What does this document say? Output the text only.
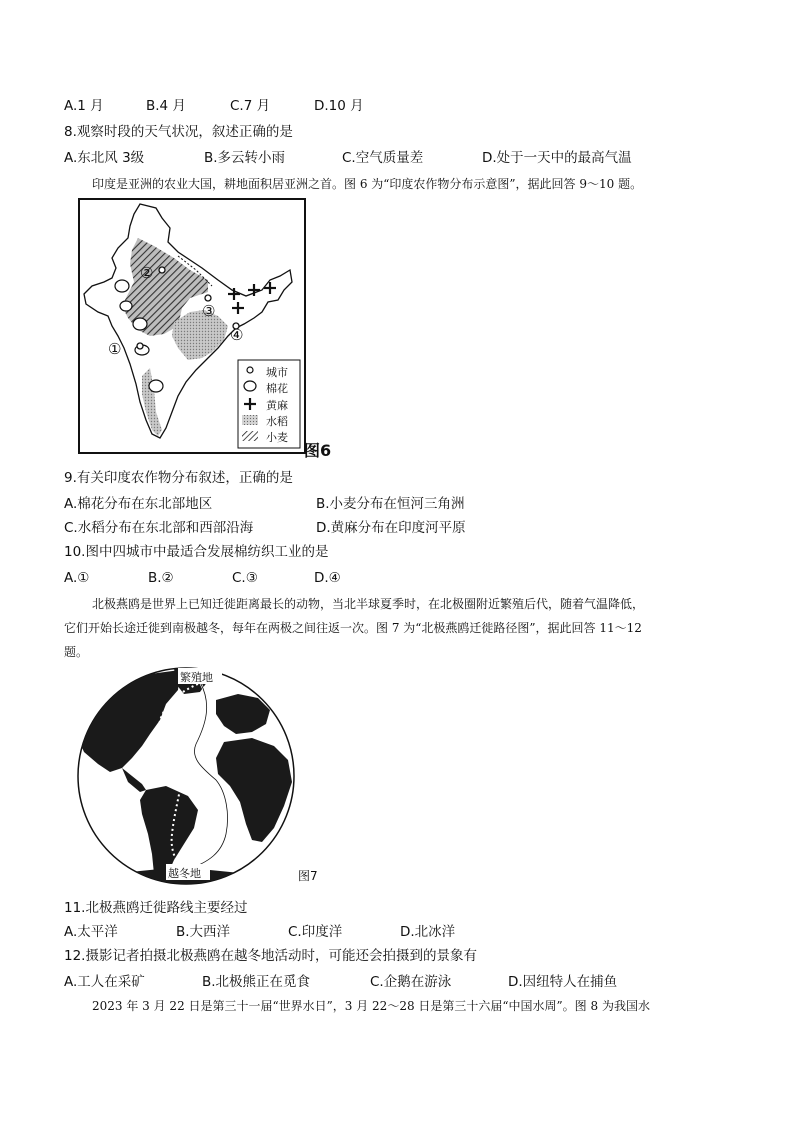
A.1 月	B.4 月	C.7 月	D.10 月
8.观察时段的天气状况，叙述正确的是
A.东北风 3级	B.多云转小雨	C.空气质量差	D.处于一天中的最高气温
印度是亚洲的农业大国，耕地面积居亚洲之首。图 6 为“印度农作物分布示意图”，据此回答 9～10 题。
②
③
④
①
城市
棉花
黄麻
水稻
小麦
图6
9.有关印度农作物分布叙述，正确的是
A.棉花分布在东北部地区	B.小麦分布在恒河三角洲
C.水稻分布在东北部和西部沿海	D.黄麻分布在印度河平原
10.图中四城市中最适合发展棉纺织工业的是
A.①	B.②	C.③	D.④
北极燕鸥是世界上已知迁徙距离最长的动物，当北半球夏季时，在北极圈附近繁殖后代，随着气温降低，
它们开始长途迁徙到南极越冬，每年在两极之间往返一次。图 7 为“北极燕鸥迁徙路径图”，据此回答 11～12
题。
繁殖地
越冬地	图7
11.北极燕鸥迁徙路线主要经过
A.太平洋	B.大西洋	C.印度洋	D.北冰洋
12.摄影记者拍摄北极燕鸥在越冬地活动时，可能还会拍摄到的景象有
A.工人在采矿	B.北极熊正在觅食	C.企鹅在游泳	D.因纽特人在捕鱼
2023 年 3 月 22 日是第三十一届“世界水日”，3 月 22～28 日是第三十六届“中国水周”。图 8 为我国水
